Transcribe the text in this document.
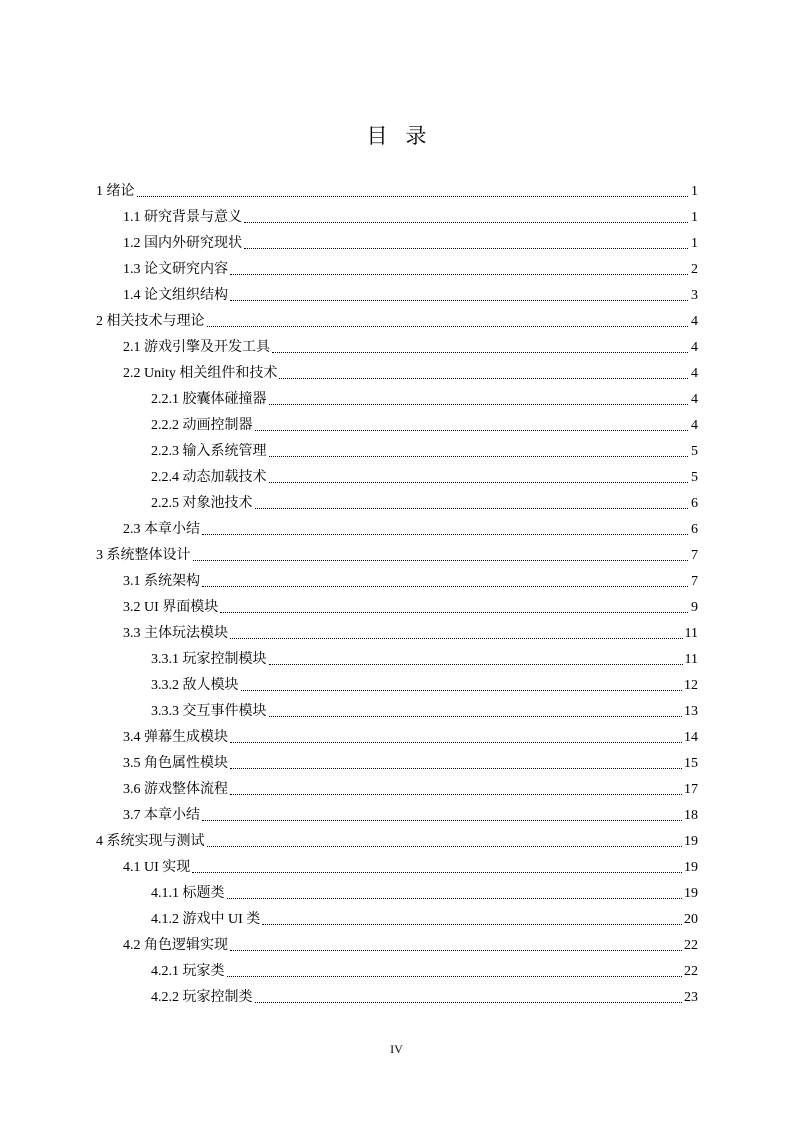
目录
1 绪论	1
1.1 研究背景与意义	1
1.2 国内外研究现状	1
1.3 论文研究内容	2
1.4 论文组织结构	3
2 相关技术与理论	4
2.1 游戏引擎及开发工具	4
2.2 Unity 相关组件和技术	4
2.2.1 胶囊体碰撞器	4
2.2.2 动画控制器	4
2.2.3 输入系统管理	5
2.2.4 动态加载技术	5
2.2.5 对象池技术	6
2.3 本章小结	6
3 系统整体设计	7
3.1 系统架构	7
3.2 UI 界面模块	9
3.3 主体玩法模块	11
3.3.1 玩家控制模块	11
3.3.2 敌人模块	12
3.3.3 交互事件模块	13
3.4 弹幕生成模块	14
3.5 角色属性模块	15
3.6 游戏整体流程	17
3.7 本章小结	18
4 系统实现与测试	19
4.1 UI 实现	19
4.1.1 标题类	19
4.1.2 游戏中 UI 类	20
4.2 角色逻辑实现	22
4.2.1 玩家类	22
4.2.2 玩家控制类	23
IV
